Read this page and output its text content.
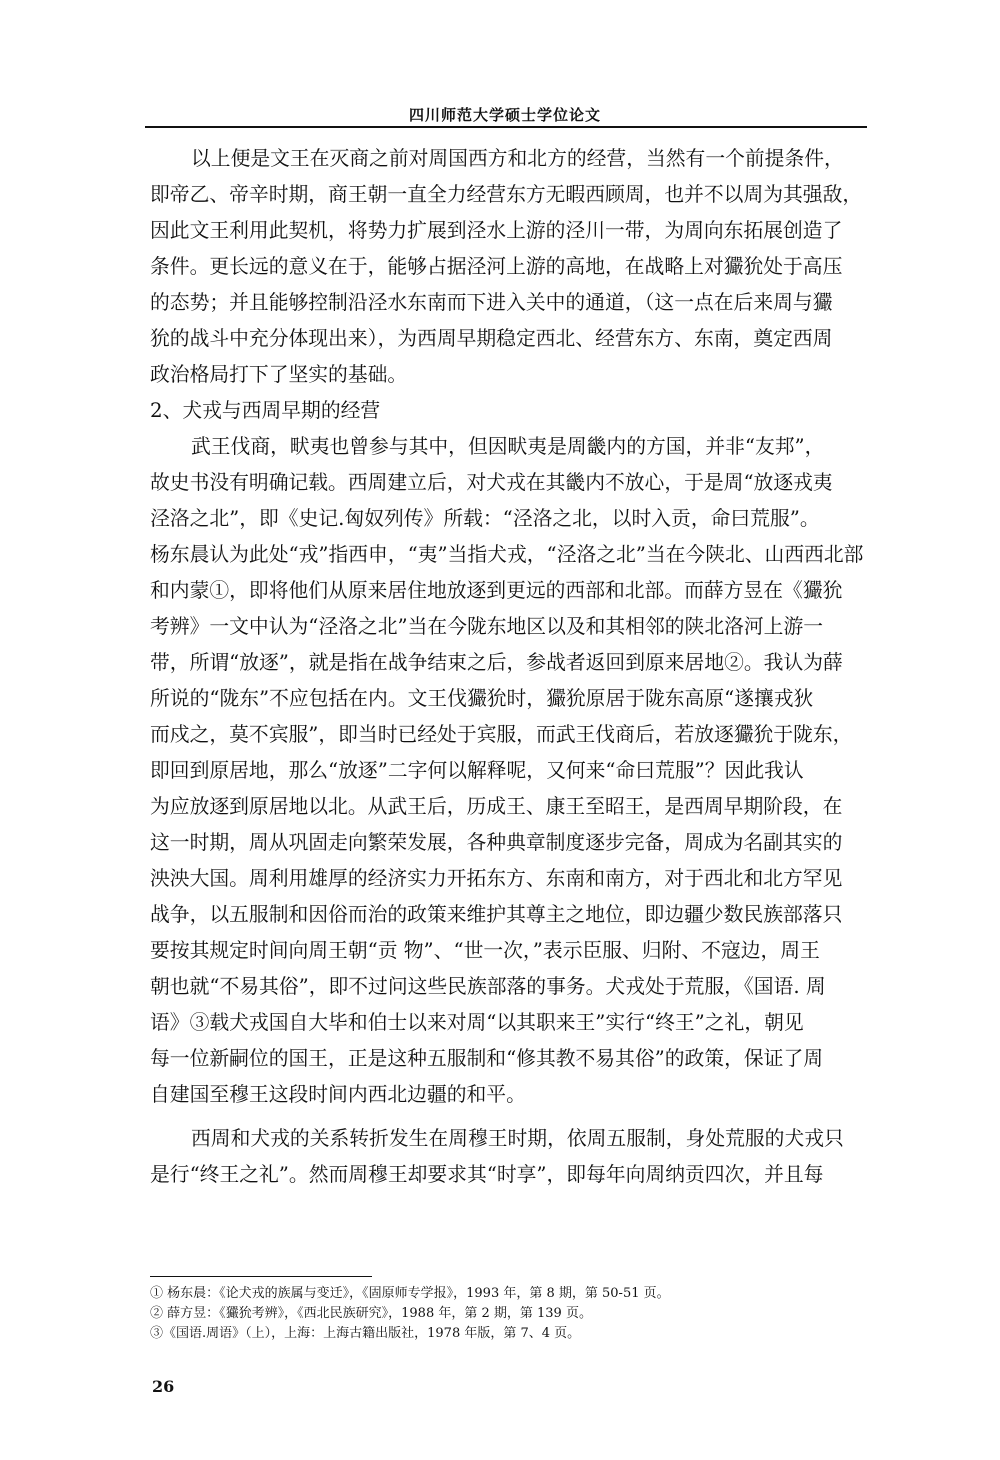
四川师范大学硕士学位论文
以上便是文王在灭商之前对周国西方和北方的经营，当然有一个前提条件，
即帝乙、帝辛时期，商王朝一直全力经营东方无暇西顾周，也并不以周为其强敌，
因此文王利用此契机，将势力扩展到泾水上游的泾川一带，为周向东拓展创造了
条件。更长远的意义在于，能够占据泾河上游的高地，在战略上对玁狁处于高压
的态势；并且能够控制沿泾水东南而下进入关中的通道，（这一点在后来周与玁
狁的战斗中充分体现出来），为西周早期稳定西北、经营东方、东南，奠定西周
政治格局打下了坚实的基础。
2、犬戎与西周早期的经营
武王伐商，畎夷也曾参与其中，但因畎夷是周畿内的方国，并非“友邦”，
故史书没有明确记载。西周建立后，对犬戎在其畿内不放心，于是周“放逐戎夷
泾洛之北”，即《史记.匈奴列传》所载：“泾洛之北，以时入贡，命曰荒服”。
杨东晨认为此处“戎”指西申，“夷”当指犬戎，“泾洛之北”当在今陕北、山西西北部
和内蒙①，即将他们从原来居住地放逐到更远的西部和北部。而薛方昱在《玁狁
考辨》一文中认为“泾洛之北”当在今陇东地区以及和其相邻的陕北洛河上游一
带，所谓“放逐”，就是指在战争结束之后，参战者返回到原来居地②。我认为薛
所说的“陇东”不应包括在内。文王伐玁狁时，玁狁原居于陇东高原“遂攘戎狄
而戍之，莫不宾服”，即当时已经处于宾服，而武王伐商后，若放逐玁狁于陇东，
即回到原居地，那么“放逐”二字何以解释呢，又何来“命曰荒服”？因此我认
为应放逐到原居地以北。从武王后，历成王、康王至昭王，是西周早期阶段，在
这一时期，周从巩固走向繁荣发展，各种典章制度逐步完备，周成为名副其实的
泱泱大国。周利用雄厚的经济实力开拓东方、东南和南方，对于西北和北方罕见
战争，以五服制和因俗而治的政策来维护其尊主之地位，即边疆少数民族部落只
要按其规定时间向周王朝“贡 物”、“世一次，”表示臣服、归附、不寇边，周王
朝也就“不易其俗”，即不过问这些民族部落的事务。犬戎处于荒服，《国语. 周
语》③载犬戎国自大毕和伯士以来对周“以其职来王”实行“终王”之礼，朝见
每一位新嗣位的国王，正是这种五服制和“修其教不易其俗”的政策，保证了周
自建国至穆王这段时间内西北边疆的和平。
西周和犬戎的关系转折发生在周穆王时期，依周五服制，身处荒服的犬戎只
是行“终王之礼”。然而周穆王却要求其“时享”，即每年向周纳贡四次，并且每
① 杨东晨：《论犬戎的族属与变迁》，《固原师专学报》，1993 年，第 8 期，第 50-51 页。
② 薛方昱：《玁狁考辨》，《西北民族研究》，1988 年，第 2 期，第 139 页。
③《国语.周语》（上），上海：上海古籍出版社，1978 年版，第 7、4 页。
26
